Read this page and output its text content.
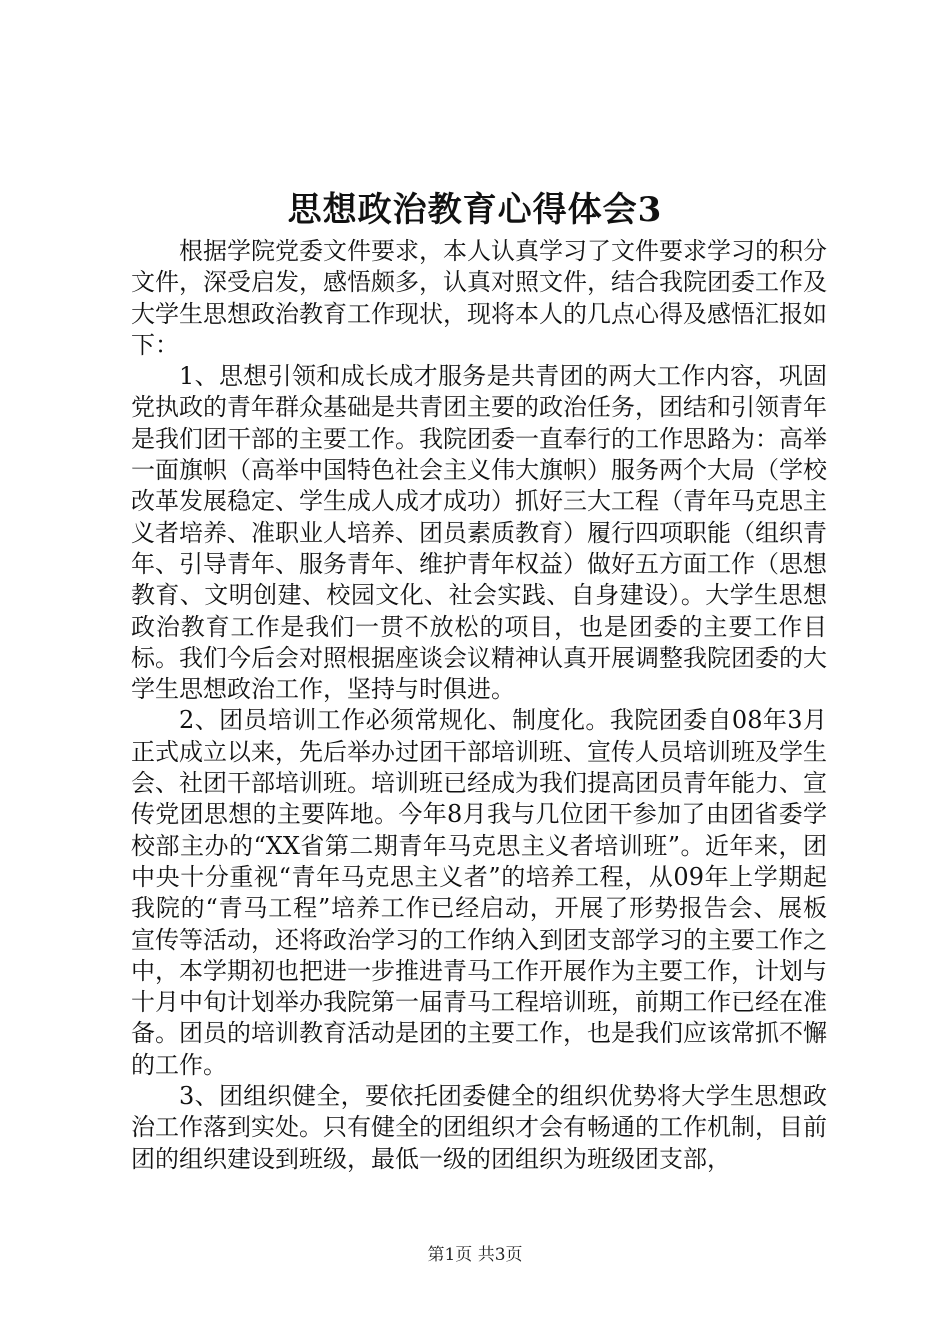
思想政治教育心得体会3

根据学院党委文件要求，本人认真学习了文件要求学习的积分文件，深受启发，感悟颇多，认真对照文件，结合我院团委工作及大学生思想政治教育工作现状，现将本人的几点心得及感悟汇报如下：

1、思想引领和成长成才服务是共青团的两大工作内容，巩固党执政的青年群众基础是共青团主要的政治任务，团结和引领青年是我们团干部的主要工作。我院团委一直奉行的工作思路为：高举一面旗帜（高举中国特色社会主义伟大旗帜）服务两个大局（学校改革发展稳定、学生成人成才成功）抓好三大工程（青年马克思主义者培养、准职业人培养、团员素质教育）履行四项职能（组织青年、引导青年、服务青年、维护青年权益）做好五方面工作（思想教育、文明创建、校园文化、社会实践、自身建设）。大学生思想政治教育工作是我们一贯不放松的项目，也是团委的主要工作目标。我们今后会对照根据座谈会议精神认真开展调整我院团委的大学生思想政治工作，坚持与时俱进。

2、团员培训工作必须常规化、制度化。我院团委自08年3月正式成立以来，先后举办过团干部培训班、宣传人员培训班及学生会、社团干部培训班。培训班已经成为我们提高团员青年能力、宣传党团思想的主要阵地。今年8月我与几位团干参加了由团省委学校部主办的“XX省第二期青年马克思主义者培训班”。近年来，团中央十分重视“青年马克思主义者”的培养工程，从09年上学期起我院的“青马工程”培养工作已经启动，开展了形势报告会、展板宣传等活动，还将政治学习的工作纳入到团支部学习的主要工作之中，本学期初也把进一步推进青马工作开展作为主要工作，计划与十月中旬计划举办我院第一届青马工程培训班，前期工作已经在准备。团员的培训教育活动是团的主要工作，也是我们应该常抓不懈的工作。

3、团组织健全，要依托团委健全的组织优势将大学生思想政治工作落到实处。只有健全的团组织才会有畅通的工作机制，目前团的组织建设到班级，最低一级的团组织为班级团支部，

第1页 共3页
